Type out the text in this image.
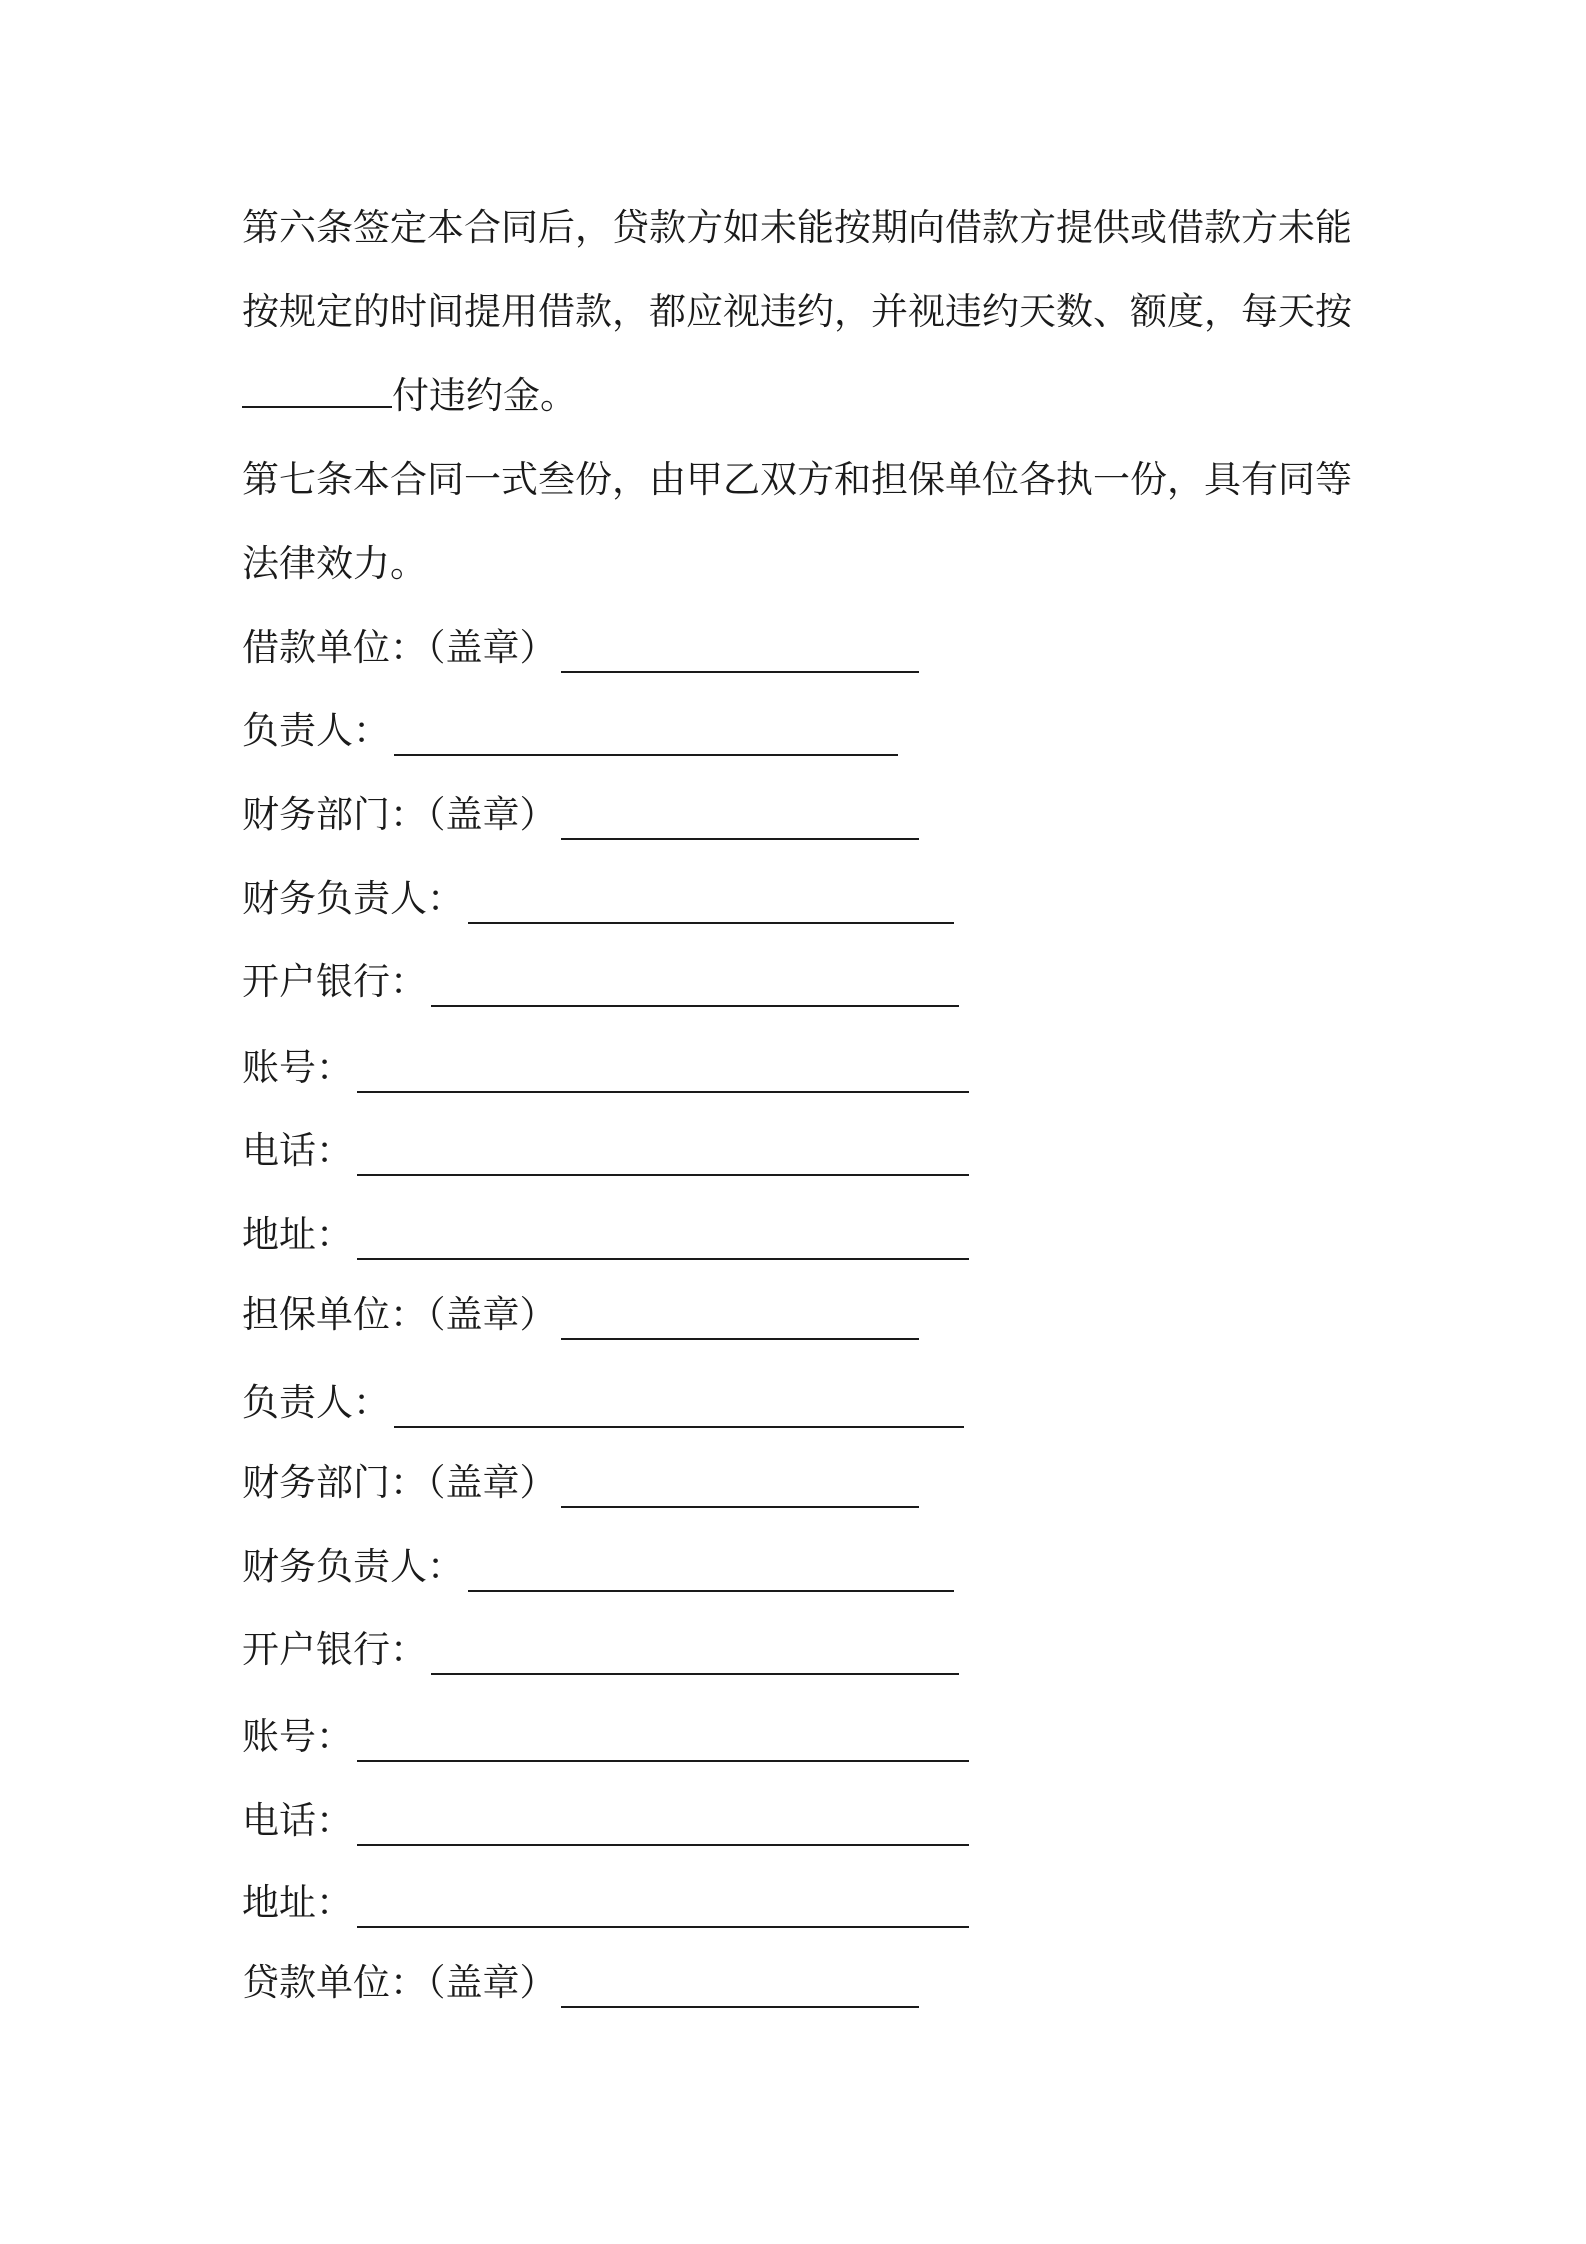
第六条签定本合同后，贷款方如未能按期向借款方提供或借款方未能按规定的时间提用借款，都应视违约，并视违约天数、额度，每天按付违约金。
第七条本合同一式叁份，由甲乙双方和担保单位各执一份，具有同等法律效力。
借款单位：（盖章）
负责人：
财务部门：（盖章）
财务负责人：
开户银行：
账号：
电话：
地址：
担保单位：（盖章）
负责人：
财务部门：（盖章）
财务负责人：
开户银行：
账号：
电话：
地址：
贷款单位：（盖章）
